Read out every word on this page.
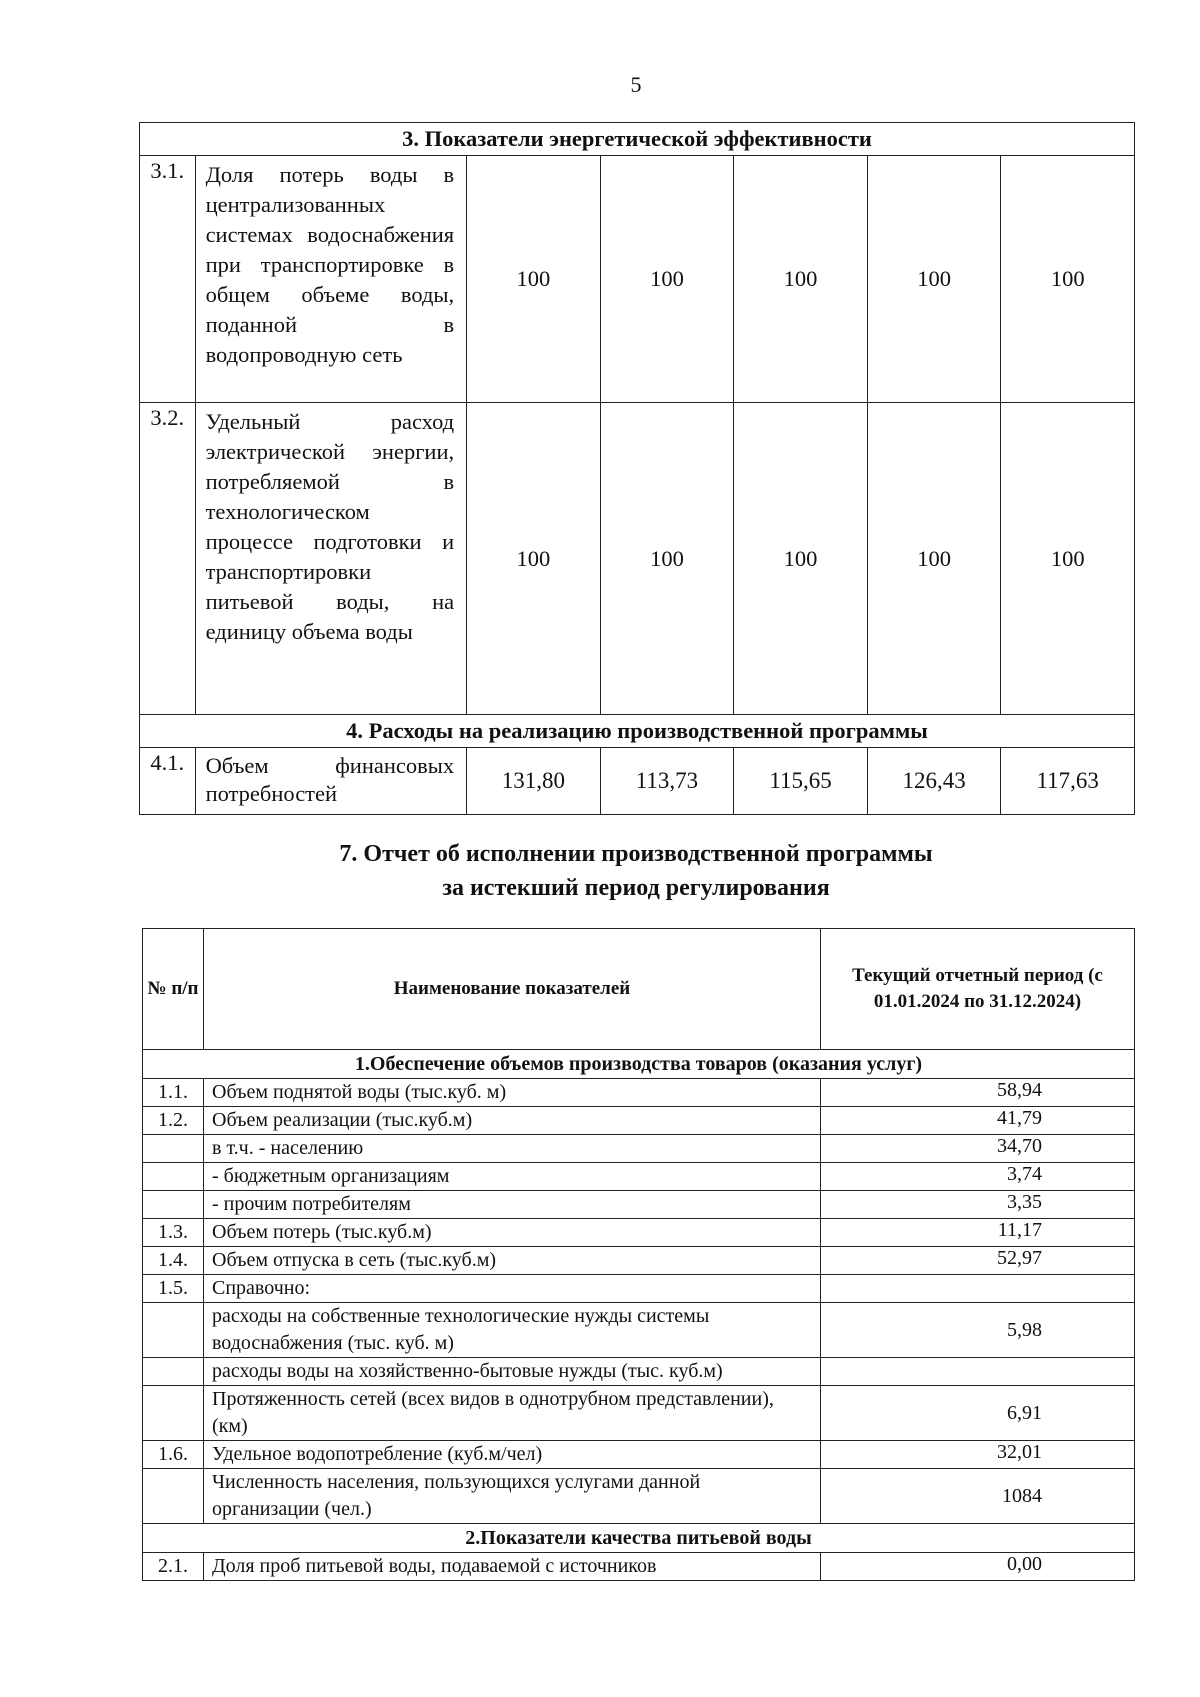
5
3. Показатели энергетической эффективности						
3.1.	Доля потерь воды в централизованных системах водоснабжения при транспортировке в общем объеме воды, поданной в водопроводную сеть	100	100	100	100	100
3.2.	Удельный расход электрической энергии, потребляемой в технологическом процессе подготовки и транспортировки питьевой воды, на единицу объема воды	100	100	100	100	100
4. Расходы на реализацию производственной программы						
4.1.	Объем финансовых потребностей	131,80	113,73	115,65	126,43	117,63
7. Отчет об исполнении производственной программы
за истекший период регулирования
№ п/п	Наименование показателей	Текущий отчетный период (с 01.01.2024 по 31.12.2024)
1.Обеспечение объемов производства товаров (оказания услуг)		
1.1.	Объем поднятой воды (тыс.куб. м)	58,94
1.2.	Объем реализации (тыс.куб.м)	41,79
	в т.ч. - населению	34,70
	- бюджетным организациям	3,74
	- прочим потребителям	3,35
1.3.	Объем потерь (тыс.куб.м)	11,17
1.4.	Объем отпуска в сеть (тыс.куб.м)	52,97
1.5.	Справочно:	
	расходы на собственные технологические нужды системы водоснабжения (тыс. куб. м)	5,98
	расходы воды на хозяйственно-бытовые нужды (тыс. куб.м)	
	Протяженность сетей (всех видов в однотрубном представлении), (км)	6,91
1.6.	Удельное водопотребление (куб.м/чел)	32,01
	Численность населения, пользующихся услугами данной организации (чел.)	1084
2.Показатели качества питьевой воды		
2.1.	Доля проб питьевой воды, подаваемой с источников	0,00
